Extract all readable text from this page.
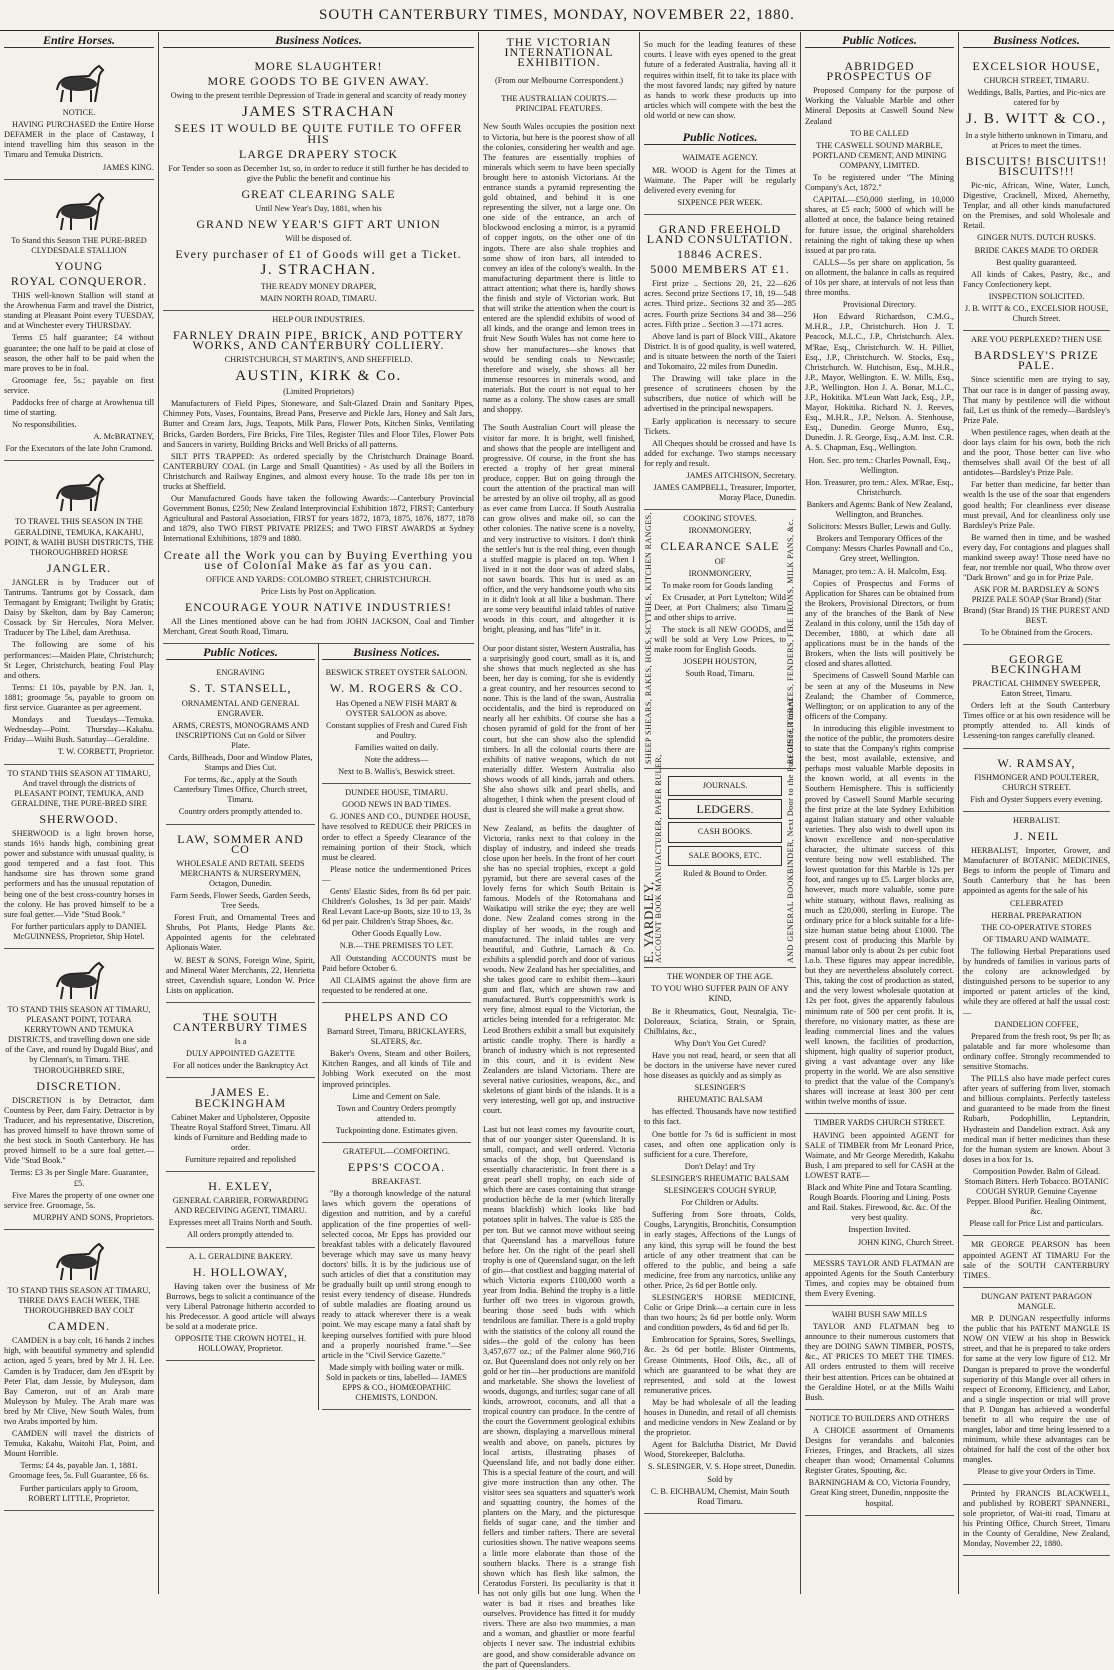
SOUTH CANTERBURY TIMES, MONDAY, NOVEMBER 22, 1880.
Entire Horses.

NOTICE.

HAVING PURCHASED the Entire Horse DEFAMER in the place of Castaway, I intend travelling him this season in the Timaru and Temuka Districts.

JAMES KING.

To Stand this Season THE PURE-BRED CLYDESDALE STALLION

YOUNG
ROYAL CONQUEROR.

THIS well-known Stallion will stand at the Arowhenua Farm and travel the District, standing at Pleasant Point every TUESDAY, and at Winchester every THURSDAY.

Terms £5 half guarantee; £4 without guarantee; the one half to be paid at close of season, the other half to be paid when the mare proves to be in foal.

Groomage fee, 5s.; payable on first service.

Paddocks free of charge at Arowhenua till time of starting.

No responsibilities.

A. McBRATNEY,

For the Executors of the late John Cramond.

TO TRAVEL THIS SEASON IN THE GERALDINE, TEMUKA, KAKAHU, POINT, & WAIHI BUSH DISTRICTS, THE THOROUGHBRED HORSE

JANGLER.

JANGLER is by Traducer out of Tantrums. Tantrums got by Cossack, dam Termagant by Emigrant; Twilight by Gratis; Daisy by Skelton, dam by Bay Cameron; Cossack by Sir Hercules, Nora Melver. Traducer by The Libel, dam Arethusa.

The following are some of his performances:—Maiden Plate, Christchurch; St Leger, Christchurch, beating Foul Play and others.

Terms: £1 10s, payable by P.N. Jan. 1, 1881; groomage 5s, payable to groom on first service. Guarantee as per agreement.

Mondays and Tuesdays—Temuka. Wednesday—Point. Thursday—Kakahu. Friday—Waihi Bush. Saturday—Geraldine.

T. W. CORBETT, Proprietor.

TO STAND THIS SEASON AT TIMARU, And travel through the districts of PLEASANT POINT, TEMUKA, AND GERALDINE, THE PURE-BRED SIRE

SHERWOOD.

SHERWOOD is a light brown horse, stands 16½ hands high, combining great power and substance with unusual quality, is good tempered and a fast foot. This handsome sire has thrown some grand performers and has the unusual reputation of being one of the best cross-country horses in the colony. He has proved himself to be a sure foal getter.—Vide "Stud Book."

For further particulars apply to DANIEL McGUINNESS, Proprietor, Ship Hotel.

TO STAND THIS SEASON AT TIMARU, PLEASANT POINT, TOTARA KERRYTOWN AND TEMUKA DISTRICTS, and travelling down one side of the Cave, and round by Dugald Bius', and by Clennan's, to Timaru. THE THOROUGHBRED SIRE,

DISCRETION.

DISCRETION is by Detractor, dam Countess by Peer, dam Fairy. Detractor is by Traducer, and his representative, Discretion, has proved himself to have thrown some of the best stock in South Canterbury. He has proved himself to be a sure foal getter.—Vide "Stud Book."

Terms: £3 3s per Single Mare. Guarantee, £5.

Five Mares the property of one owner one service free. Groomage, 5s.

MURPHY AND SONS, Proprietors.

TO STAND THIS SEASON AT TIMARU, THREE DAYS EACH WEEK, THE THOROUGHBRED BAY COLT

CAMDEN.

CAMDEN is a bay colt, 16 hands 2 inches high, with beautiful symmetry and splendid action, aged 5 years, bred by Mr J. H. Lee. Camden is by Traducer, dam Jen d'Esprit by Peter Flat, dam Jessie, by Muleyson, dam Bay Cameron, out of an Arab mare Muleyson by Muley. The Arab mare was bred by Mr Clive, New South Wales, from two Arabs imported by him.

CAMDEN will travel the districts of Temuka, Kakahu, Waitohi Flat, Point, and Mount Horrible.

Terms: £4 4s, payable Jan. 1, 1881. Groomage fees, 5s. Full Guarantee, £6 6s.

Further particulars apply to Groom, ROBERT LITTLE, Proprietor.

Business Notices.
MORE SLAUGHTER!
MORE GOODS TO BE GIVEN AWAY.

Owing to the present terrible Depression of Trade in general and scarcity of ready money

JAMES STRACHAN
SEES IT WOULD BE QUITE FUTILE TO OFFER HIS
LARGE DRAPERY STOCK

For Tender so soon as December 1st, so, in order to reduce it still further he has decided to give the Public the benefit and continue his

GREAT CLEARING SALE

Until New Year's Day, 1881, when his

GRAND NEW YEAR'S GIFT ART UNION

Will be disposed of.

Every purchaser of £1 of Goods will get a Ticket.
J. STRACHAN.

THE READY MONEY DRAPER,

MAIN NORTH ROAD, TIMARU.

HELP OUR INDUSTRIES.

FARNLEY DRAIN PIPE, BRICK, AND POTTERY WORKS, AND CANTERBURY COLLIERY.

CHRISTCHURCH, ST MARTIN'S, AND SHEFFIELD.

AUSTIN, KIRK & Co.

(Limited Proprietors)

Manufacturers of Field Pipes, Stoneware, and Salt-Glazed Drain and Sanitary Pipes, Chimney Pots, Vases, Fountains, Bread Pans, Preserve and Pickle Jars, Honey and Salt Jars, Butter and Cream Jars, Jugs, Teapots, Milk Pans, Flower Pots, Kitchen Sinks, Ventilating Bricks, Garden Borders, Fire Bricks, Fire Tiles, Register Tiles and Floor Tiles, Flower Pots and Saucers in variety, Building Bricks and Well Bricks of all patterns.

SILT PITS TRAPPED: As ordered specially by the Christchurch Drainage Board. CANTERBURY COAL (in Large and Small Quantities) - As used by all the Boilers in Christchurch and Railway Engines, and almost every house. To the trade 18s per ton in trucks at Sheffield.

Our Manufactured Goods have taken the following Awards:—Canterbury Provincial Government Bonus, £250; New Zealand Interprovincial Exhibition 1872, FIRST; Canterbury Agricultural and Pastoral Association, FIRST for years 1872, 1873, 1875, 1876, 1877, 1878 and 1879, also TWO FIRST PRIVATE PRIZES; and TWO FIRST AWARDS at Sydney International Exhibitions, 1879 and 1880.

Create all the Work you can by Buying Everthing you use of Colonial Make as far as you can.

OFFICE AND YARDS: COLOMBO STREET, CHRISTCHURCH.

Price Lists by Post on Application.

ENCOURAGE YOUR NATIVE INDUSTRIES!

All the Lines mentioned above can be had from JOHN JACKSON, Coal and Timber Merchant, Great South Road, Timaru.

Public Notices.

ENGRAVING

S. T. STANSELL,

ORNAMENTAL AND GENERAL ENGRAVER.

ARMS, CRESTS, MONOGRAMS AND INSCRIPTIONS Cut on Gold or Silver Plate.

Cards, Billheads, Door and Window Plates, Stamps and Dies Cut.

For terms, &c., apply at the South Canterbury Times Office, Church street, Timaru.

Country orders promptly attended to.

LAW, SOMMER AND CO

WHOLESALE AND RETAIL SEEDS MERCHANTS & NURSERYMEN, Octagon, Dunedin.

Farm Seeds, Flower Seeds, Garden Seeds, Tree Seeds.

Forest Fruit, and Ornamental Trees and Shrubs, Pot Plants, Hedge Plants &c. Appointed agents for the celebrated Aplionais Water.

W. BEST & SONS, Foreign Wine, Spirit, and Mineral Water Merchants, 22, Henrietta street, Cavendish square, London W. Price Lists on application.

THE SOUTH CANTERBURY TIMES

Is a

DULY APPOINTED GAZETTE

For all notices under the Bankruptcy Act

JAMES E. BECKINGHAM

Cabinet Maker and Upholsterer, Opposite Theatre Royal Stafford Street, Timaru. All kinds of Furniture and Bedding made to order.

Furniture repaired and repolished

H. EXLEY,

GENERAL CARRIER, FORWARDING AND RECEIVING AGENT, TIMARU.

Expresses meet all Trains North and South.

All orders promptly attended to.

A. L. GERALDINE BAKERY.

H. HOLLOWAY,

Having taken over the business of Mr Burrows, begs to solicit a continuance of the very Liberal Patronage hitherto accorded to his Predecessor. A good article will always be sold at a moderate price.

OPPOSITE THE CROWN HOTEL, H. HOLLOWAY, Proprietor.

Business Notices.

BESWICK STREET OYSTER SALOON.

W. M. ROGERS & CO.

Has Opened a NEW FISH MART & OYSTER SALOON as above.

Constant supplies of Fresh and Cured Fish and Poultry.

Families waited on daily.

Note the address—

Next to B. Wallis's, Beswick street.

DUNDEE HOUSE, TIMARU.

GOOD NEWS IN BAD TIMES.

G. JONES AND CO., DUNDEE HOUSE, have resolved to REDUCE their PRICES in order to effect a Speedy Clearance of the remaining portion of their Stock, which must be cleared.

Please notice the undermentioned Prices—

Gents' Elastic Sides, from 8s 6d per pair. Children's Goloshes, 1s 3d per pair. Maids' Real Levant Lace-up Boots, size 10 to 13, 3s 6d per pair. Children's Strap Shoes, &c.

Other Goods Equally Low.

N.B.—THE PREMISES TO LET.

All Outstanding ACCOUNTS must be Paid before October 6.

All CLAIMS against the above firm are requested to be rendered at one.

PHELPS AND CO

Barnard Street, Timaru, BRICKLAYERS, SLATERS, &c.

Baker's Ovens, Steam and other Boilers, Kitchen Ranges, and all kinds of Tile and Jobbing Work executed on the most improved principles.

Lime and Cement on Sale.

Town and Country Orders promptly attended to.

Tuckpointing done. Estimates given.

GRATEFUL—COMFORTING.

EPPS'S COCOA.

BREAKFAST.

"By a thorough knowledge of the natural laws which govern the operations of digestion and nutrition, and by a careful application of the fine properties of well-selected cocoa, Mr Epps has provided our breakfast tables with a delicately flavoured beverage which may save us many heavy doctors' bills. It is by the judicious use of such articles of diet that a constitution may be gradually built up until strong enough to resist every tendency of disease. Hundreds of subtle maladies are floating around us ready to attack wherever there is a weak point. We may escape many a fatal shaft by keeping ourselves fortified with pure blood and a properly nourished frame."—See article in the "Civil Service Gazette."

Made simply with boiling water or milk. Sold in packets or tins, labelled— JAMES EPPS & CO., HOMŒOPATHIC CHEMISTS, LONDON.

THE VICTORIAN INTERNATIONAL EXHIBITION.

(From our Melbourne Correspondent.)

THE AUSTRALIAN COURTS.—PRINCIPAL FEATURES.

New South Wales occupies the position next to Victoria, but here is the poorest show of all the colonies, considering her wealth and age. The features are essentially trophies of minerals which seem to have been specially brought here to astonish Victorians. At the entrance stands a pyramid representing the gold obtained, and behind it is one representing the silver, not a large one. On one side of the entrance, an arch of blockwood enclosing a mirror, is a pyramid of copper ingots, on the other one of tin ingots. There are also shale trophies and some show of iron bars, all intended to convey an idea of the colony's wealth. In the manufacturing department there is little to attract attention; what there is, hardly shows the finish and style of Victorian work. But that will strike the attention when the court is entered are the splendid exhibits of wood of all kinds, and the orange and lemon trees in fruit New South Wales has not come here to show her manufactures—she knows that would be sending coals to Newcastle; therefore and wisely, she shows all her immense resources in minerals wood, and materials. But the court is not equal to her name as a colony. The show cases are small and shoppy.

The South Australian Court will please the visitor far more. It is bright, well finished, and shows that the people are intelligent and progressive. Of course, in the front she has erected a trophy of her great mineral produce, copper. But on going through the court the attention of the practical man will be arrested by an olive oil trophy, all as good as ever came from Lucca. If South Australia can grow olives and make oil, so can the other colonies. The native scene is a novelty, and very instructive to visitors. I don't think the settler's hut is the real thing, even though a stuffed magpie is placed on top. When I lived in it not the door was of adzed slabs, not sawn boards. This hut is used as an office, and the very handsome youth who sits in it didn't look at all like a bushman. There are some very beautiful inlaid tables of native woods in this court, and altogether it is bright, pleasing, and has "life" in it.

Our poor distant sister, Western Australia, has a surprisingly good court, small as it is, and she shows that much neglected as she has been, her day is coming, for she is evidently a great country, and her resources second to none. This is the land of the swan, Australia occidentalis, and the bird is reproduced on nearly all her exhibits. Of course she has a chosen pyramid of gold for the front of her court, but she can show also the splendid timbers. In all the colonial courts there are exhibits of native weapons, which do not materially differ. Western Australia also shows woods of all kinds, jarrah and others. She also shows silk and pearl shells, and altogether, I think when the present cloud of dust is cleared she will make a great show.

New Zealand, as befits the daughter of Victoria, ranks next to that colony in the display of industry, and indeed she treads close upon her heels. In the front of her court she has no special trophies, except a gold pyramid, but there are several cases of the lovely ferns for which South Britain is famous. Models of the Rotomahana and Waikatipu will strike the eye; they are well done. New Zealand comes strong in the display of her woods, in the rough and manufactured. The inlaid tables are very beautiful, and Guthrie, Larnach & Co. exhibits a splendid porch and door of various woods. New Zealand has her specialities, and she takes good care to exhibit them—kauri gum and flax, which are shown raw and manufactured. Burt's coppersmith's work is very fine, almost equal to the Victorian, the articles being intended for a refrigerator. Mc Leod Brothers exhibit a small but exquisitely artistic candle trophy. There is hardly a branch of industry which is not represented in this court, and it is evident New Zealanders are island Victorians. There are several native curiosities, weapons, &c., and skeletons of giant birds of the islands. It is a very interesting, well got up, and instructive court.

Last but not least comes my favourite court, that of our younger sister Queensland. It is small, compact, and well ordered. Victoria smacks of the shop, but Queensland is essentially characteristic. In front there is a great pearl shell trophy, on each side of which there are cases containing that strange production bêche de la mer (which literally means blackfish) which looks like bad potatoes split in halves. The value is £85 the per ton. But we cannot move without seeing that Queensland has a marvellous future before her. On the right of the pearl shell trophy is one of Queensland sugar, on the left of gin—that costliest and bagging material of which Victoria exports £100,000 worth a year from India. Behind the trophy is a little further off two trees in vigorous growth, bearing those seed buds with which tendrilous are familiar. There is a gold trophy with the statistics of the colony all round the sides—the gold of the colony has been 3,457,677 oz.; of the Palmer alone 960,716 oz. But Queensland does not only rely on her gold or her tin—her productions are manifold and marketable. She shows the loveliest of woods, dugongs, and turtles; sugar cane of all kinds, arrowroot, coconuts, and all that a tropical country can produce. In the centre of the court the Government geological exhibits are shown, displaying a marvellous mineral wealth and above, on panels, pictures by local artists, illustrating phases of Queensland life, and not badly done either. This is a special feature of the court, and will give more instruction than any other. The visitor sees sea squatters and squatter's work and squatting country, the homes of the planters on the Mary, and the picturesque fields of sugar cane, and the timber and fellers and timber rafters. There are several curiosities shown. The native weapons seems a little more elaborate than those of the southern blacks. There is a strange fish shown which has flesh like salmon, the Ceratodus Forsteri. Its peculiarity is that it has not only gills but one lung. When the water is bad it rises and breathes like ourselves. Providence has fitted it for muddy rivers. There are also two mummies, a man and a woman, and ghastlier or more fearful objects I never saw. The industrial exhibits are good, and show considerable advance on the part of Queenslanders.

So much for the leading features of these courts. I leave with eyes opened to the great future of a federated Australia, having all it requires within itself, fit to take its place with the most favored lands; nay gifted by nature as hands to work these products up into articles which will compete with the best the old world or new can show.

Public Notices.

WAIMATE AGENCY.

MR. WOOD is Agent for the Times at Waimate. The Paper will be regularly delivered every evening for

SIXPENCE PER WEEK.

GRAND FREEHOLD LAND CONSULTATION.
18846 ACRES.
5000 MEMBERS AT £1.

First prize .. Sections 20, 21, 22—626 acres. Second prize Sections 17, 18, 19—548 acres. Third prize.. Sections 32 and 35—285 acres. Fourth prize Sections 34 and 38—256 acres. Fifth prize .. Section 3 —171 acres.

Above land is part of Block VIII., Akatore District. It is of good quality, is well watered, and is situate between the north of the Taieri and Tokomairo, 22 miles from Dunedin.

The Drawing will take place in the presence of scrutineers chosen by the subscribers, due notice of which will be advertised in the principal newspapers.

Early application is necessary to secure Tickets.

All Cheques should be crossed and have 1s added for exchange. Two stamps necessary for reply and result.

JAMES AITCHISON, Secretary.

JAMES CAMPBELL, Treasurer, Importer, Moray Place, Dunedin.

SHEEP SHEARS, RAKES, HOES, SCYTHES, KITCHEN RANGES,	COOKING STOVES.

IRONMONGERY,

CLEARANCE SALE

OF

IRONMONGERY,

To make room for Goods landing

Ex Crusader, at Port Lyttelton; Wild Deer, at Port Chalmers; also Timaru and other ships to arrive.

The stock is all NEW GOODS, and will be sold at Very Low Prices, to make room for English Goods.

JOSEPH HOUSTON,

South Road, Timaru.	REGISTER GRATES, FENDERS, FIRE IRONS, MILK PANS, &c.
E. YARDLEY,
ACCOUNT BOOK MANUFACTURER, PAPER RULER,	JOURNALS.
LEDGERS.
CASH BOOKS.
SALE BOOKS, ETC.

Ruled & Bound to Order.	AND GENERAL BOOKBINDER, Next Door to the Post Office, Timaru.

THE WONDER OF THE AGE.

TO YOU WHO SUFFER PAIN OF ANY KIND,

Be it Rheumatics, Gout, Neuralgia, Tic-Doloreaux, Sciatica, Strain, or Sprain, Chilblains, &c.,

Why Don't You Get Cured?

Have you not read, heard, or seen that all be doctors in the universe have never cured hose diseases as quickly and as simply as

SLESINGER'S

RHEUMATIC BALSAM

has effected. Thousands have now testified to this fact.

One bottle for 7s 6d is sufficient in most cases, and often one application only is sufficient for a cure. Therefore,

Don't Delay! and Try

SLESINGER'S RHEUMATIC BALSAM

SLESINGER'S COUGH SYRUP,

For Children or Adults.

Suffering from Sore throats, Colds, Coughs, Laryngitis, Bronchitis, Consumption in early stages, Affections of the Lungs of any kind, this syrup will be found the best article of any other treatment that can be offered to the public, and being a safe medicine, free from any narcotics, unlike any other. Price, 2s 6d per Bottle only.

SLESINGER'S HORSE MEDICINE, Colic or Gripe Drink—a certain cure in less than two hours; 2s 6d per bottle only. Worm and condition powders, 4s 6d and 6d per lb.

Embrocation for Sprains, Sores, Swellings, &c. 2s 6d per bottle. Blister Ointments, Grease Ointments, Hoof Oils, &c., all of which are guaranteed to be what they are represented, and sold at the lowest remunerative prices.

May be had wholesale of all the leading houses in Dunedin, and retail of all chemists and medicine vendors in New Zealand or by the proprietor.

Agent for Balclutha District, Mr David Wood, Storekeeper, Balclutha.

S. SLESINGER, V. S. Hope street, Dunedin.

Sold by

C. B. EICHBAUM, Chemist, Main South Road Timaru.

Public Notices.
ABRIDGED PROSPECTUS OF

Proposed Company for the purpose of Working the Valuable Marble and other Mineral Deposits at Caswell Sound New Zealand

TO BE CALLED

THE CASWELL SOUND MARBLE, PORTLAND CEMENT, AND MINING COMPANY, LIMITED.

To be registered under "The Mining Company's Act, 1872."

CAPITAL—£50,000 sterling, in 10,000 shares, at £5 each; 5000 of which will be allotted at once, the balance being retained for future issue, the original shareholders retaining the right of taking these up when issued at par pro rata.

CALLS—5s per share on application, 5s on allotment, the balance in calls as required of 10s per share, at intervals of not less than three months.

Provisional Directory.

Hon Edward Richardson, C.M.G., M.H.R., J.P., Christchurch. Hon J. T. Peacock, M.L.C., J.P., Christchurch. Alex. M'Rae, Esq., Christchurch. W. H. Pilliet, Esq., J.P., Christchurch. W. Stocks, Esq., Christchurch. W. Hutchison, Esq., M.H.R., J.P., Mayor, Wellington. E. W. Mills, Esq., J.P., Wellington. Hon J. A. Bonar, M.L.C., J.P., Hokitika. M'Lean Watt Jack, Esq., J.P., Mayor, Hokitika. Richard N. J. Reeves, Esq., M.H.R., J.P., Nelson. A. Stenhouse, Esq., Dunedin. George Munro, Esq., Dunedin. J. R. George, Esq., A.M. Inst. C.R. A. S. Chapman, Esq., Wellington.

Hon. Sec. pro tem.: Charles Pownall, Esq., Wellington.

Hon. Treasurer, pro tem.: Alex. M'Rae, Esq., Christchurch.

Bankers and Agents: Bank of New Zealand, Wellington, and Branches.

Solicitors: Messrs Buller, Lewis and Gully.

Brokers and Temporary Offices of the Company: Messrs Charles Pownall and Co., Grey street, Wellington.

Manager, pro tem.: A. H. Malcolm, Esq.

Copies of Prospectus and Forms of Application for Shares can be obtained from the Brokers, Provisional Directors, or from any of the branches of the Bank of New Zealand in this colony, until the 15th day of December, 1880, at which date all applications must be in the hands of the Brokers, when the lists will positively be closed and shares allotted.

Specimens of Caswell Sound Marble can be seen at any of the Museums in New Zealand; the Chamber of Commerce, Wellington; or on application to any of the officers of the Company.

In introducing this eligible investment to the notice of the public, the promoters desire to state that the Company's rights comprise the best, most available, extensive, and perhaps most valuable Marble deposits in the known world, at all events in the Southern Hemisphere. This is sufficiently proved by Caswell Sound Marble securing the first prize at the late Sydney Exhibition against Italian statuary and other valuable varieties. They also wish to dwell upon its known excellence and non-speculative character, the ultimate success of this venture being now well established. The lowest quotation for this Marble is 12s per foot, and ranges up to £5. Larger blocks are, however, much more valuable, some pure white statuary, without flaws, realising as much as £20,000, sterling in Europe. The ordinary price for a block suitable for a life-size human statue being about £1000. The present cost of producing this Marble by manual labor only is about 2s per cubic foot l.o.b. These figures may appear incredible, but they are nevertheless absolutely correct. This, taking the cost of production as stated, and the very lowest wholesale quotation at 12s per foot, gives the apparently fabulous minimum rate of 500 per cent profit. It is, therefore, no visionary matter, as these are leading commercial lines and the values well known, the facilities of production, shipment, high quality of superior product, giving a vast advantage over any like property in the world. We are also sensitive to predict that the value of the Company's shares will increase at least 300 per cent within twelve months of issue.

TIMBER YARDS CHURCH STREET.

HAVING been appointed AGENT for SALE of TIMBER from Mr Leonard Price, Waimate, and Mr George Meredith, Kakahu Bush, I am prepared to sell for CASH at the LOWEST RATE—

Black and White Pine and Totara Scantling. Rough Boards. Flooring and Lining. Posts and Rail. Stakes. Firewood, &c. &c. Of the very best quality.

Inspection Invited.

JOHN KING, Church Street.

MESSRS TAYLOR AND FLATMAN are appointed Agents for the South Canterbury Times, and copies may be obtained from them Every Evening.

WAIHI BUSH SAW MILLS

TAYLOR AND FLATMAN beg to announce to their numerous customers that they are DOING SAWN TIMBER, POSTS, &c., AT PRICES TO MEET THE TIMES. All orders entrusted to them will receive their best attention. Prices can be obtained at the Geraldine Hotel, or at the Mills Waihi Bush.

NOTICE TO BUILDERS AND OTHERS

A CHOICE assortment of Ornaments Designs for verandahs and balconies Friezes, Fringes, and Brackets, all sizes cheaper than wood; Ornamental Columns Register Grates, Spouting, &c.

BARNINGHAM & CO, Victoria Foundry, Great King street, Dunedin, nnpposite the hospital.

Business Notices.
EXCELSIOR HOUSE,

CHURCH STREET, TIMARU.

Weddings, Balls, Parties, and Pic-nics are catered for by

J. B. WITT & CO.,

In a style hitherto unknown in Timaru, and at Prices to meet the times.

BISCUITS! BISCUITS!! BISCUITS!!!

Pic-nic, African, Wine, Water, Lunch, Digestive, Cracknell, Mixed, Abernethy, Tenplar, and all other kinds manufactured on the Premises, and sold Wholesale and Retail.

GINGER NUTS. DUTCH RUSKS.

BRIDE CAKES MADE TO ORDER

Best quality guaranteed.

All kinds of Cakes, Pastry, &c., and Fancy Confectionery kept.

INSPECTION SOLICITED.

J. B. WITT & CO., EXCELSIOR HOUSE, Church Street.

ARE YOU PERPLEXED? THEN USE

BARDSLEY'S PRIZE PALE.

Since scientific men are trying to say, That our race is in danger of passing away, That many by pestilence will die without fail, Let us think of the remedy—Bardsley's Prize Pale.

When pestilence rages, when death at the door lays claim for his own, both the rich and the poor, Those better can live who themselves shall avail Of the best of all antidotes—Bardsley's Prize Pale.

Far better than medicine, far better than wealth Is the use of the soar that engenders good health; For cleanliness ever disease must prevail, And for cleanliness only use Bardsley's Prize Pale.

Be warned then in time, and be washed every day, For contagions and plagues shall mankind sweep away! Those need have no fear, nor tremble nor quail, Who throw over "Dark Brown" and go in for Prize Pale.

ASK FOR M. BARDSLEY & SON'S PRIZE PALE SOAP (Star Brand) (Star Brand) (Star Brand) IS THE PUREST AND BEST.

To be Obtained from the Grocers.

GEORGE BECKINGHAM

PRACTICAL CHIMNEY SWEEPER, Eaton Street, Timaru.

Orders left at the South Canterbury Times office or at his own residence will be promptly attended to. All kinds of Lessening-ton ranges carefully cleaned.

W. RAMSAY,

FISHMONGER AND POULTERER, CHURCH STREET.

Fish and Oyster Suppers every evening.

HERBALIST.

J. NEIL

HERBALIST, Importer, Grower, and Manufacturer of BOTANIC MEDICINES, Begs to inform the people of Timaru and South Canterbury that he has been appointed as agents for the sale of his

CELEBRATED

HERBAL PREPARATION

THE CO-OPERATIVE STORES

OF TIMARU AND WAIMATE.

The following Herbal Preparations used by hundreds of families in various parts of the colony are acknowledged by distinguished persons to be superior to any imported or patent articles of the kind, while they are offered at half the usual cost:—

DANDELION COFFEE,

Prepared from the fresh root, 9s per lb; as palatable and far more wholesome than ordinary coffee. Strongly recommended to sensitive Stomachs.

The PILLS also have made perfect cures after years of suffering from liver, stomach and billious complaints. Perfectly tasteless and guaranteed to be made from the finest Rubarb, Podophillin, Leptandrin, Hydrastein and Dandelion extract. Ask any medical man if better medicines than these for the human system are known. About 3 doses in a box for 1s.

Composition Powder. Balm of Gilead. Stomach Bitters. Herb Tobacco. BOTANIC COUGH SYRUP. Genuine Cayenne Pepper. Blood Purifier. Healing Ointment, &c.

Please call for Price List and particulars.

MR GEORGE PEARSON has been appointed AGENT AT TIMARU For the sale of the SOUTH CANTERBURY TIMES.

DUNGAN' PATENT PARAGON MANGLE.

MR P. DUNGAN respectfully informs the public that his PATENT MANGLE IS NOW ON VIEW at his shop in Beswick street, and that he is prepared to take orders for same at the very low figure of £12. Mr Dungan is prepared to prove the wonderful superiority of this Mangle over all others in respect of Economy, Efficiency, and Labor, and a single inspection or trial will prove that P. Dungan has achieved a wonderful benefit to all who require the use of mangles, labor and time being lessened to a minimum, while these advantages can be obtained for half the cost of the other box mangles.

Please to give your Orders in Time.

Printed by FRANCIS BLACKWELL, and published by ROBERT SPANNERL, sole proprietor, of Wai-iti road, Timaru at his Printing Office, Church Street, Timaru in the County of Geraldine, New Zealand, Monday, November 22, 1880.
